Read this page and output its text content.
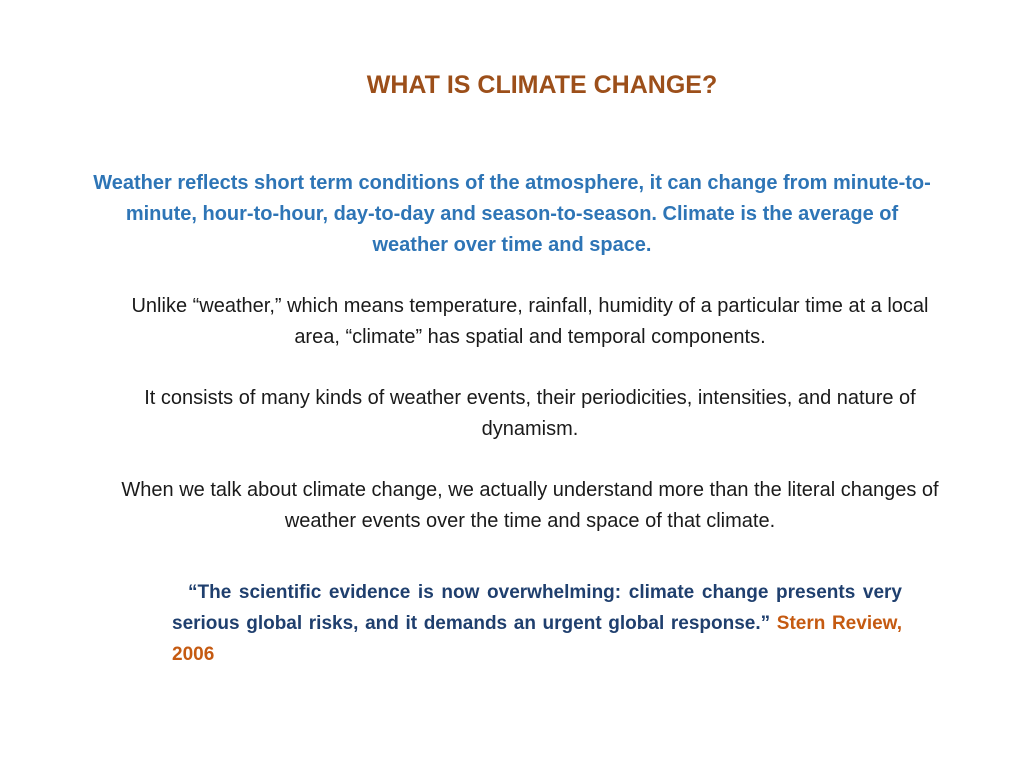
WHAT IS CLIMATE CHANGE?
Weather reflects short term conditions of the atmosphere, it can change from minute-to-minute, hour-to-hour, day-to-day and season-to-season. Climate is the average of weather over time and space.
Unlike “weather,” which means temperature, rainfall, humidity of a particular time at a local area, “climate” has spatial and temporal components.
It consists of many kinds of weather events, their periodicities, intensities, and nature of dynamism.
When we talk about climate change, we actually understand more than the literal changes of weather events over the time and space of that climate.
“The scientific evidence is now overwhelming: climate change presents very serious global risks, and it demands an urgent global response.” Stern Review, 2006
